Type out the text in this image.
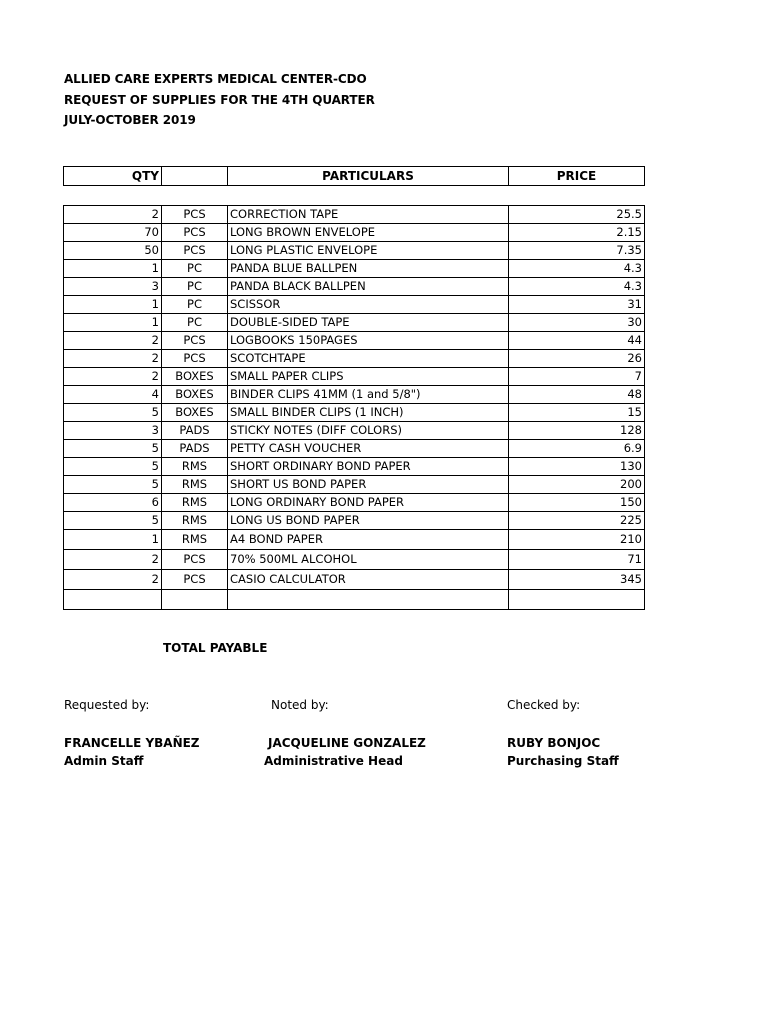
ALLIED CARE EXPERTS MEDICAL CENTER-CDO
REQUEST OF SUPPLIES FOR THE 4TH QUARTER
JULY-OCTOBER 2019
QTY		PARTICULARS	PRICE
2	PCS	CORRECTION TAPE	25.5
70	PCS	LONG BROWN ENVELOPE	2.15
50	PCS	LONG PLASTIC ENVELOPE	7.35
1	PC	PANDA BLUE BALLPEN	4.3
3	PC	PANDA BLACK BALLPEN	4.3
1	PC	SCISSOR	31
1	PC	DOUBLE-SIDED TAPE	30
2	PCS	LOGBOOKS 150PAGES	44
2	PCS	SCOTCHTAPE	26
2	BOXES	SMALL PAPER CLIPS	7
4	BOXES	BINDER CLIPS 41MM (1 and 5/8")	48
5	BOXES	SMALL BINDER CLIPS (1 INCH)	15
3	PADS	STICKY NOTES (DIFF COLORS)	128
5	PADS	PETTY CASH VOUCHER	6.9
5	RMS	SHORT ORDINARY BOND PAPER	130
5	RMS	SHORT US BOND PAPER	200
6	RMS	LONG ORDINARY BOND PAPER	150
5	RMS	LONG US BOND PAPER	225
1	RMS	A4 BOND PAPER	210
2	PCS	70% 500ML ALCOHOL	71
2	PCS	CASIO CALCULATOR	345

TOTAL PAYABLE
Requested by:
FRANCELLE YBAÑEZ
Admin Staff
Noted by:
JACQUELINE GONZALEZ
Administrative Head
Checked by:
RUBY BONJOC
Purchasing Staff
